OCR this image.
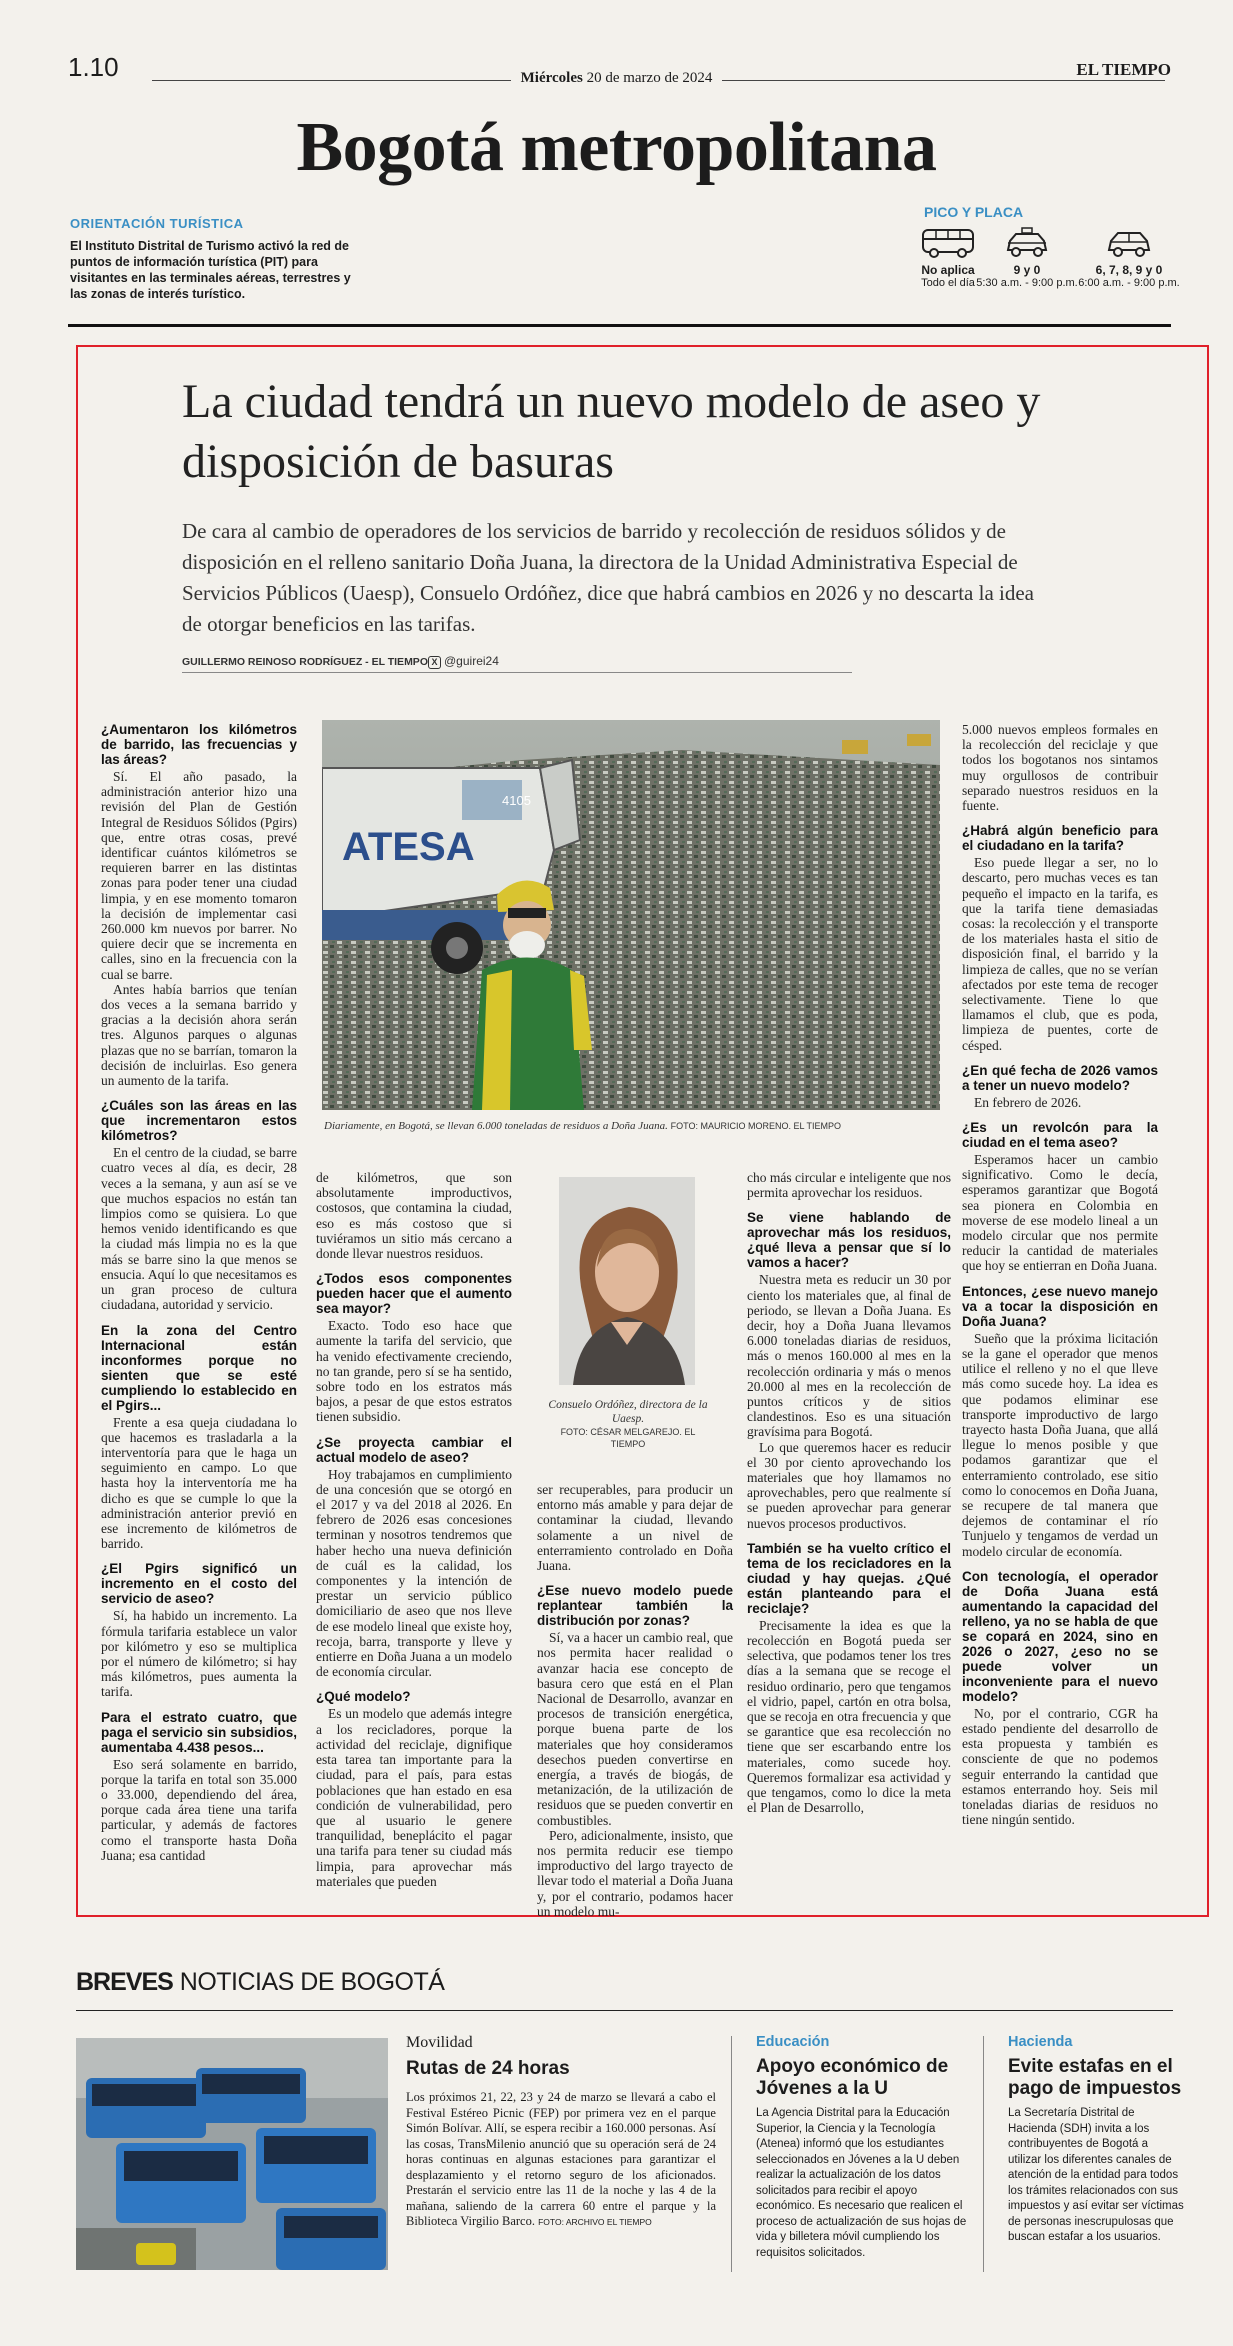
1.10	Miércoles 20 de marzo de 2024	EL TIEMPO
Bogotá metropolitana
ORIENTACIÓN TURÍSTICA
El Instituto Distrital de Turismo activó la red de puntos de información turística (PIT) para visitantes en las terminales aéreas, terrestres y las zonas de interés turístico.
PICO Y PLACA
No aplica
Todo el día
9 y 0
5:30 a.m. - 9:00 p.m.
6, 7, 8, 9 y 0
6:00 a.m. - 9:00 p.m.
La ciudad tendrá un nuevo modelo de aseo y disposición de basuras
De cara al cambio de operadores de los servicios de barrido y recolección de residuos sólidos y de disposición en el relleno sanitario Doña Juana, la directora de la Unidad Administrativa Especial de Servicios Públicos (Uaesp), Consuelo Ordóñez, dice que habrá cambios en 2026 y no descarta la idea de otorgar beneficios en las tarifas.
GUILLERMO REINOSO RODRÍGUEZ - EL TIEMPO X @guirei24
ATESA
4105
Diariamente, en Bogotá, se llevan 6.000 toneladas de residuos a Doña Juana. FOTO: MAURICIO MORENO. EL TIEMPO
Consuelo Ordóñez, directora de la Uaesp.
FOTO: CÉSAR MELGAREJO. EL TIEMPO

¿Aumentaron los kilómetros de barrido, las frecuencias y las áreas?

Sí. El año pasado, la administración anterior hizo una revisión del Plan de Gestión Integral de Residuos Sólidos (Pgirs) que, entre otras cosas, prevé identificar cuántos kilómetros se requieren barrer en las distintas zonas para poder tener una ciudad limpia, y en ese momento tomaron la decisión de implementar casi 260.000 km nuevos por barrer. No quiere decir que se incrementa en calles, sino en la frecuencia con la cual se barre.

Antes había barrios que tenían dos veces a la semana barrido y gracias a la decisión ahora serán tres. Algunos parques o algunas plazas que no se barrían, tomaron la decisión de incluirlas. Eso genera un aumento de la tarifa.

¿Cuáles son las áreas en las que incrementaron estos kilómetros?

En el centro de la ciudad, se barre cuatro veces al día, es decir, 28 veces a la semana, y aun así se ve que muchos espacios no están tan limpios como se quisiera. Lo que hemos venido identificando es que la ciudad más limpia no es la que más se barre sino la que menos se ensucia. Aquí lo que necesitamos es un gran proceso de cultura ciudadana, autoridad y servicio.

En la zona del Centro Internacional están inconformes porque no sienten que se esté cumpliendo lo establecido en el Pgirs...

Frente a esa queja ciudadana lo que hacemos es trasladarla a la interventoría para que le haga un seguimiento en campo. Lo que hasta hoy la interventoría me ha dicho es que se cumple lo que la administración anterior previó en ese incremento de kilómetros de barrido.

¿El Pgirs significó un incremento en el costo del servicio de aseo?

Sí, ha habido un incremento. La fórmula tarifaria establece un valor por kilómetro y eso se multiplica por el número de kilómetro; si hay más kilómetros, pues aumenta la tarifa.

Para el estrato cuatro, que paga el servicio sin subsidios, aumentaba 4.438 pesos...

Eso será solamente en barrido, porque la tarifa en total son 35.000 o 33.000, dependiendo del área, porque cada área tiene una tarifa particular, y además de factores como el transporte hasta Doña Juana; esa cantidad

de kilómetros, que son absolutamente improductivos, costosos, que contamina la ciudad, eso es más costoso que si tuviéramos un sitio más cercano a donde llevar nuestros residuos.

¿Todos esos componentes pueden hacer que el aumento sea mayor?

Exacto. Todo eso hace que aumente la tarifa del servicio, que ha venido efectivamente creciendo, no tan grande, pero sí se ha sentido, sobre todo en los estratos más bajos, a pesar de que estos estratos tienen subsidio.

¿Se proyecta cambiar el actual modelo de aseo?

Hoy trabajamos en cumplimiento de una concesión que se otorgó en el 2017 y va del 2018 al 2026. En febrero de 2026 esas concesiones terminan y nosotros tendremos que haber hecho una nueva definición de cuál es la calidad, los componentes y la intención de prestar un servicio público domiciliario de aseo que nos lleve de ese modelo lineal que existe hoy, recoja, barra, transporte y lleve y entierre en Doña Juana a un modelo de economía circular.

¿Qué modelo?

Es un modelo que además integre a los recicladores, porque la actividad del reciclaje, dignifique esta tarea tan importante para la ciudad, para el país, para estas poblaciones que han estado en esa condición de vulnerabilidad, pero que al usuario le genere tranquilidad, beneplácito el pagar una tarifa para tener su ciudad más limpia, para aprovechar más materiales que pueden

ser recuperables, para producir un entorno más amable y para dejar de contaminar la ciudad, llevando solamente a un nivel de enterramiento controlado en Doña Juana.

¿Ese nuevo modelo puede replantear también la distribución por zonas?

Sí, va a hacer un cambio real, que nos permita hacer realidad o avanzar hacia ese concepto de basura cero que está en el Plan Nacional de Desarrollo, avanzar en procesos de transición energética, porque buena parte de los materiales que hoy consideramos desechos pueden convertirse en energía, a través de biogás, de metanización, de la utilización de residuos que se pueden convertir en combustibles.

Pero, adicionalmente, insisto, que nos permita reducir ese tiempo improductivo del largo trayecto de llevar todo el material a Doña Juana y, por el contrario, podamos hacer un modelo mu-

cho más circular e inteligente que nos permita aprovechar los residuos.

Se viene hablando de aprovechar más los residuos, ¿qué lleva a pensar que sí lo vamos a hacer?

Nuestra meta es reducir un 30 por ciento los materiales que, al final de periodo, se llevan a Doña Juana. Es decir, hoy a Doña Juana llevamos 6.000 toneladas diarias de residuos, más o menos 160.000 al mes en la recolección ordinaria y más o menos 20.000 al mes en la recolección de puntos críticos y de sitios clandestinos. Eso es una situación gravísima para Bogotá.

Lo que queremos hacer es reducir el 30 por ciento aprovechando los materiales que hoy llamamos no aprovechables, pero que realmente sí se pueden aprovechar para generar nuevos procesos productivos.

También se ha vuelto crítico el tema de los recicladores en la ciudad y hay quejas. ¿Qué están planteando para el reciclaje?

Precisamente la idea es que la recolección en Bogotá pueda ser selectiva, que podamos tener los tres días a la semana que se recoge el residuo ordinario, pero que tengamos el vidrio, papel, cartón en otra bolsa, que se recoja en otra frecuencia y que se garantice que esa recolección no tiene que ser escarbando entre los materiales, como sucede hoy. Queremos formalizar esa actividad y que tengamos, como lo dice la meta el Plan de Desarrollo,

5.000 nuevos empleos formales en la recolección del reciclaje y que todos los bogotanos nos sintamos muy orgullosos de contribuir separado nuestros residuos en la fuente.

¿Habrá algún beneficio para el ciudadano en la tarifa?

Eso puede llegar a ser, no lo descarto, pero muchas veces es tan pequeño el impacto en la tarifa, es que la tarifa tiene demasiadas cosas: la recolección y el transporte de los materiales hasta el sitio de disposición final, el barrido y la limpieza de calles, que no se verían afectados por este tema de recoger selectivamente. Tiene lo que llamamos el club, que es poda, limpieza de puentes, corte de césped.

¿En qué fecha de 2026 vamos a tener un nuevo modelo?

En febrero de 2026.

¿Es un revolcón para la ciudad en el tema aseo?

Esperamos hacer un cambio significativo. Como le decía, esperamos garantizar que Bogotá sea pionera en Colombia en moverse de ese modelo lineal a un modelo circular que nos permite reducir la cantidad de materiales que hoy se entierran en Doña Juana.

Entonces, ¿ese nuevo manejo va a tocar la disposición en Doña Juana?

Sueño que la próxima licitación se la gane el operador que menos utilice el relleno y no el que lleve más como sucede hoy. La idea es que podamos eliminar ese transporte improductivo de largo trayecto hasta Doña Juana, que allá llegue lo menos posible y que podamos garantizar que el enterramiento controlado, ese sitio como lo conocemos en Doña Juana, se recupere de tal manera que dejemos de contaminar el río Tunjuelo y tengamos de verdad un modelo circular de economía.

Con tecnología, el operador de Doña Juana está aumentando la capacidad del relleno, ya no se habla de que se copará en 2024, sino en 2026 o 2027, ¿eso no se puede volver un inconveniente para el nuevo modelo?

No, por el contrario, CGR ha estado pendiente del desarrollo de esta propuesta y también es consciente de que no podemos seguir enterrando la cantidad que estamos enterrando hoy. Seis mil toneladas diarias de residuos no tiene ningún sentido.

BREVES NOTICIAS DE BOGOTÁ
Movilidad
Rutas de 24 horas
Los próximos 21, 22, 23 y 24 de marzo se llevará a cabo el Festival Estéreo Picnic (FEP) por primera vez en el parque Simón Bolívar. Allí, se espera recibir a 160.000 personas. Así las cosas, TransMilenio anunció que su operación será de 24 horas continuas en algunas estaciones para garantizar el desplazamiento y el retorno seguro de los aficionados. Prestarán el servicio entre las 11 de la noche y las 4 de la mañana, saliendo de la carrera 60 entre el parque y la Biblioteca Virgilio Barco. FOTO: ARCHIVO EL TIEMPO
Educación
Apoyo económico de Jóvenes a la U
La Agencia Distrital para la Educación Superior, la Ciencia y la Tecnología (Atenea) informó que los estudiantes seleccionados en Jóvenes a la U deben realizar la actualización de los datos solicitados para recibir el apoyo económico. Es necesario que realicen el proceso de actualización de sus hojas de vida y billetera móvil cumpliendo los requisitos solicitados.
Hacienda
Evite estafas en el pago de impuestos
La Secretaría Distrital de Hacienda (SDH) invita a los contribuyentes de Bogotá a utilizar los diferentes canales de atención de la entidad para todos los trámites relacionados con sus impuestos y así evitar ser víctimas de personas inescrupulosas que buscan estafar a los usuarios.
